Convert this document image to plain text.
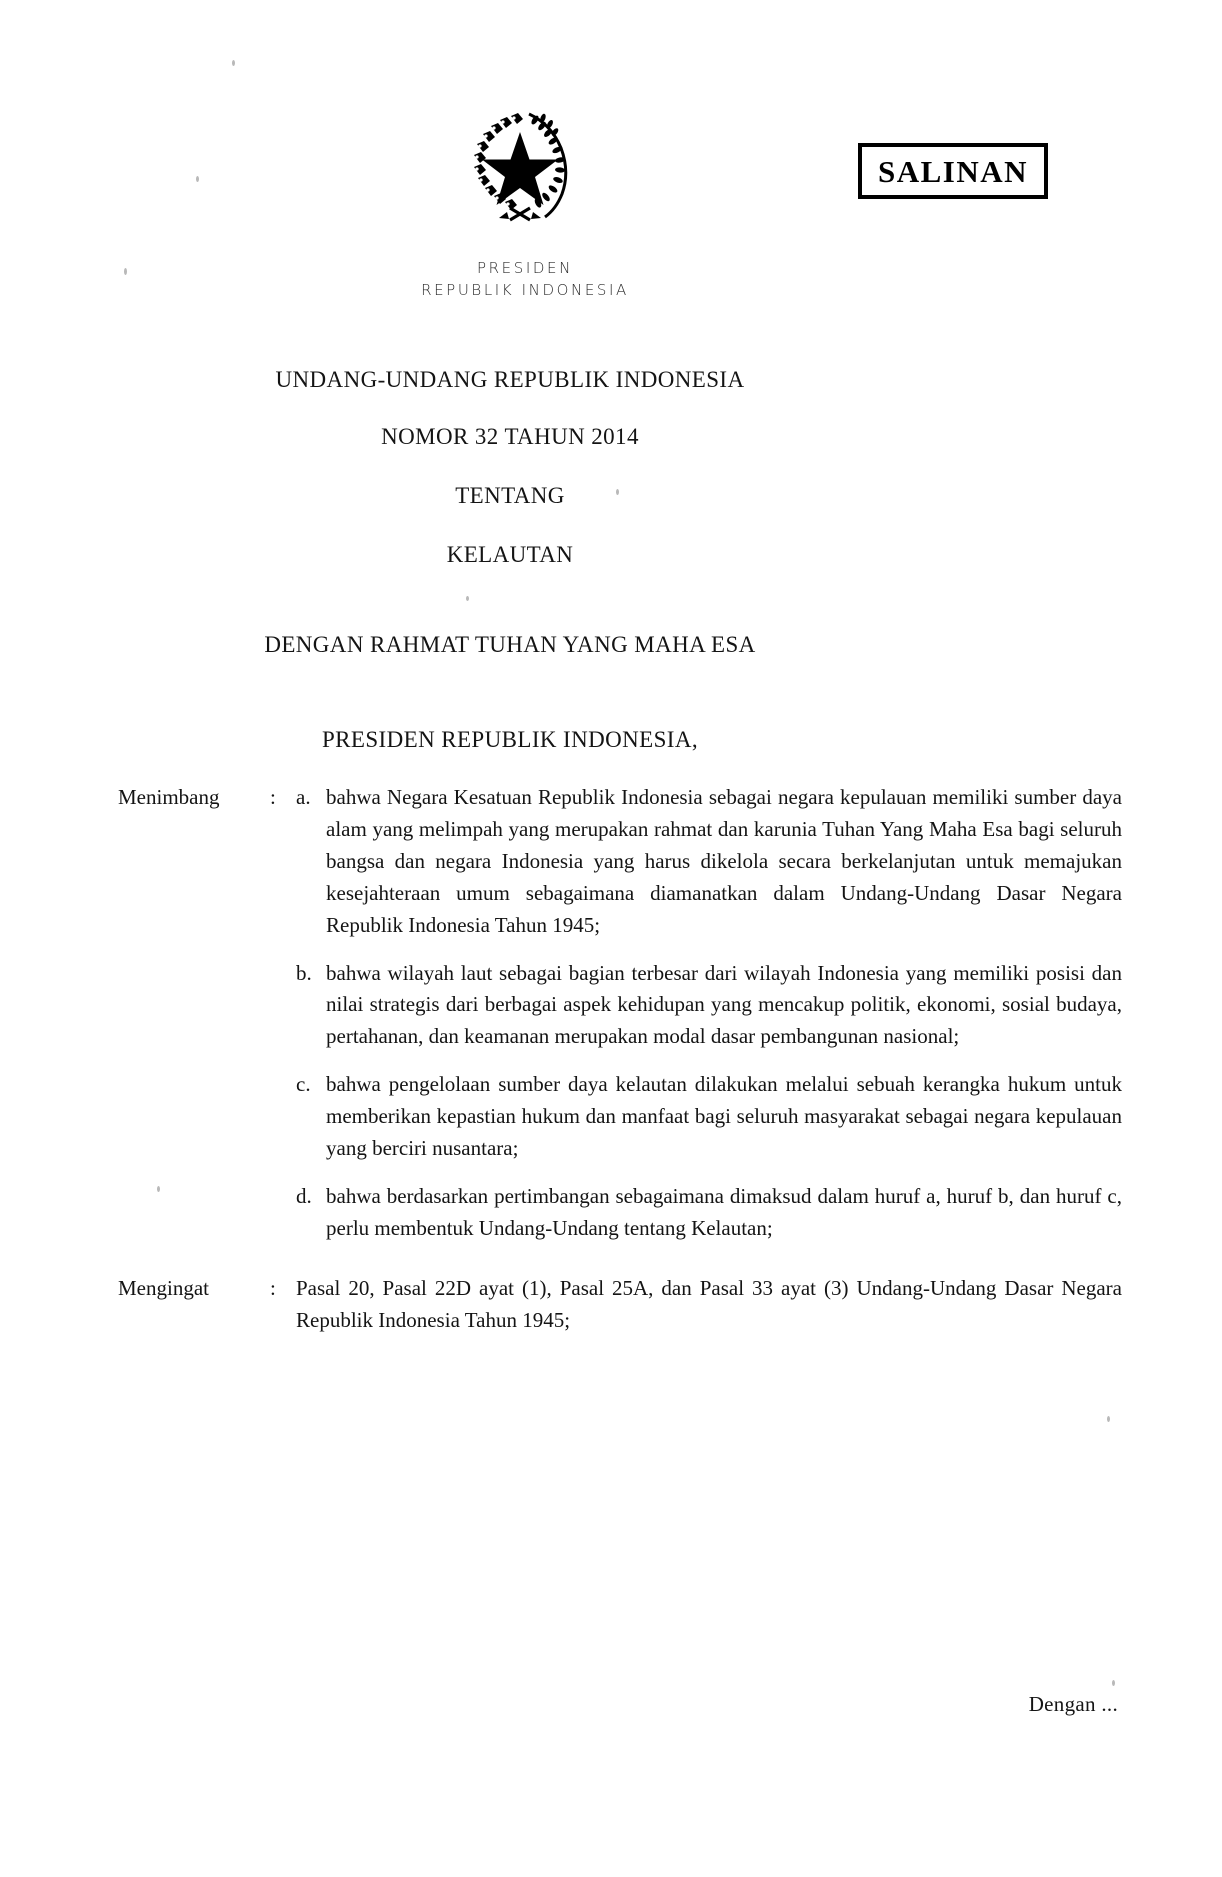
SALINAN
PRESIDEN
REPUBLIK INDONESIA
UNDANG-UNDANG REPUBLIK INDONESIA
NOMOR 32 TAHUN 2014
TENTANG
KELAUTAN
DENGAN RAHMAT TUHAN YANG MAHA ESA
PRESIDEN REPUBLIK INDONESIA,
Menimbang	: a. bahwa Negara Kesatuan Republik Indonesia sebagai negara kepulauan memiliki sumber daya alam yang melimpah yang merupakan rahmat dan karunia Tuhan Yang Maha Esa bagi seluruh bangsa dan negara Indonesia yang harus dikelola secara berkelanjutan untuk memajukan kesejahteraan umum sebagaimana diamanatkan dalam Undang-Undang Dasar Negara Republik Indonesia Tahun 1945;
b. bahwa wilayah laut sebagai bagian terbesar dari wilayah Indonesia yang memiliki posisi dan nilai strategis dari berbagai aspek kehidupan yang mencakup politik, ekonomi, sosial budaya, pertahanan, dan keamanan merupakan modal dasar pembangunan nasional;
c. bahwa pengelolaan sumber daya kelautan dilakukan melalui sebuah kerangka hukum untuk memberikan kepastian hukum dan manfaat bagi seluruh masyarakat sebagai negara kepulauan yang berciri nusantara;
d. bahwa berdasarkan pertimbangan sebagaimana dimaksud dalam huruf a, huruf b, dan huruf c, perlu membentuk Undang-Undang tentang Kelautan;
Mengingat	: Pasal 20, Pasal 22D ayat (1), Pasal 25A, dan Pasal 33 ayat (3) Undang-Undang Dasar Negara Republik Indonesia Tahun 1945;
Dengan ...
